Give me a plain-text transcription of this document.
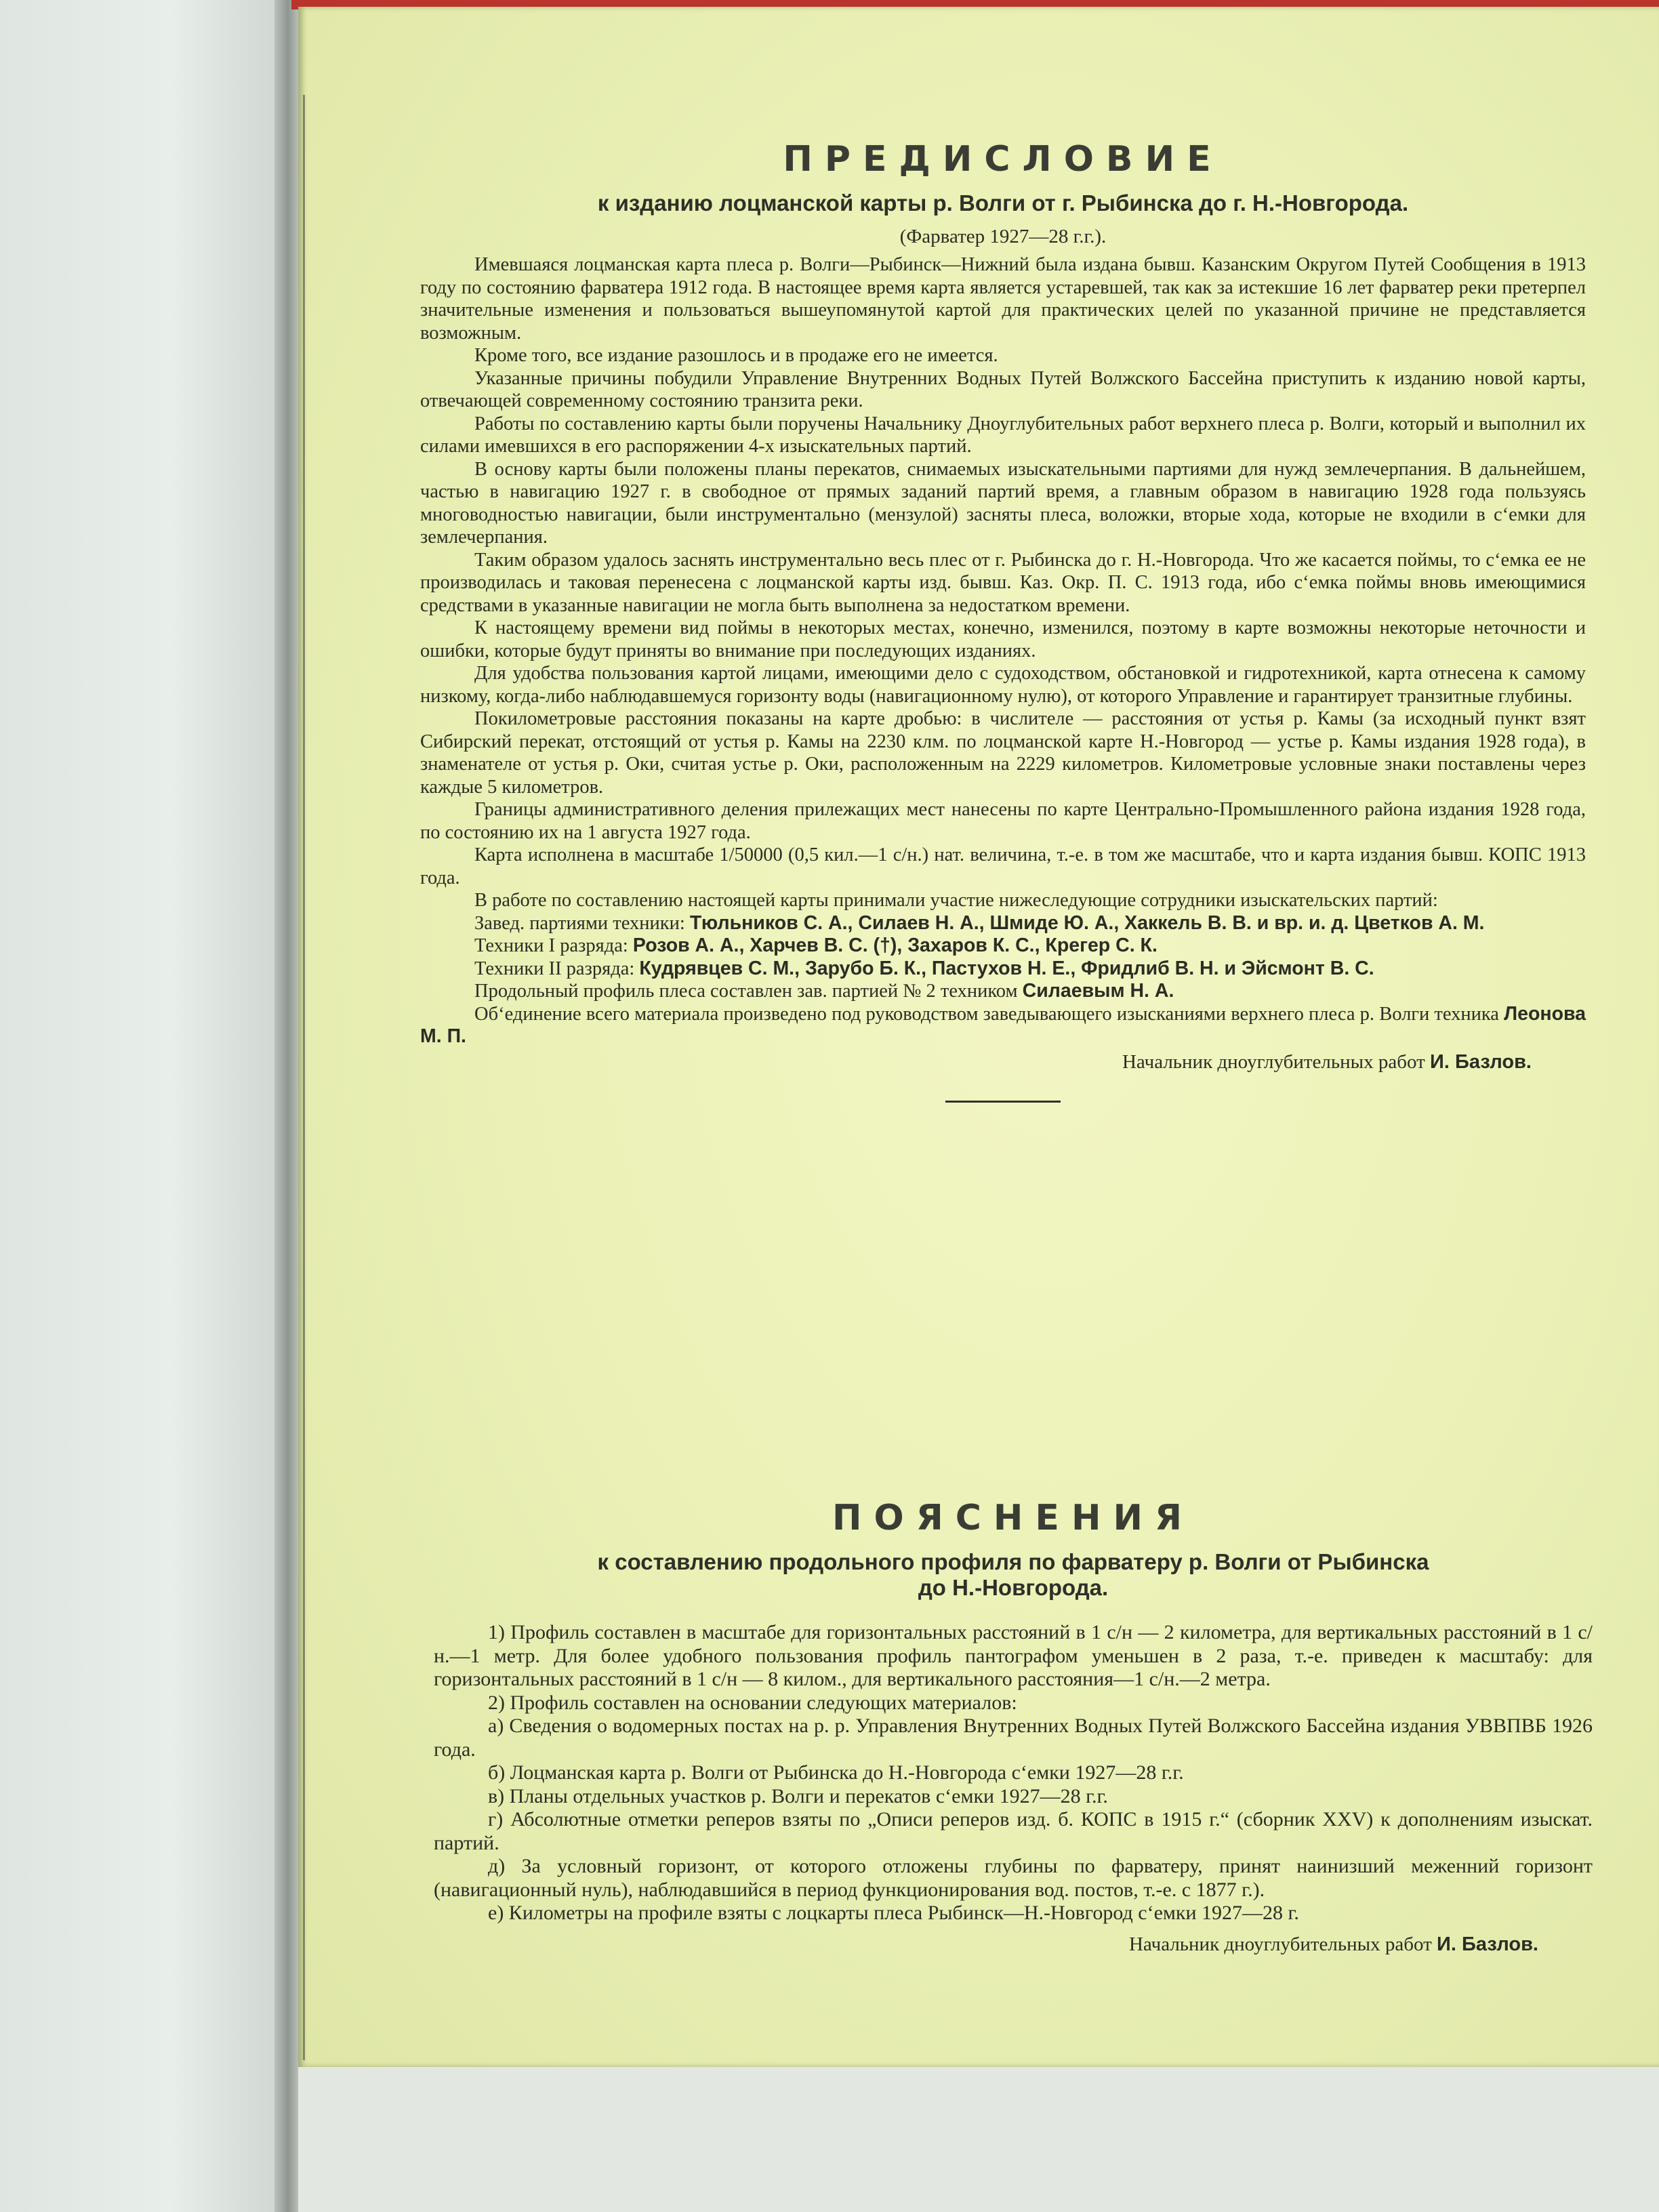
ПРЕДИСЛОВИЕ
к изданию лоцманской карты р. Волги от г. Рыбинска до г. Н.-Новгорода.
(Фарватер 1927—28 г.г.).

Имевшаяся лоцманская карта плеса р. Волги—Рыбинск—Нижний была издана бывш. Казанским Округом Путей Сообщения в 1913 году по состоянию фарватера 1912 года. В настоящее время карта является устаревшей, так как за истекшие 16 лет фарватер реки претерпел значительные изменения и пользоваться вышеупомянутой картой для практических целей по указанной причине не представляется возможным.

Кроме того, все издание разошлось и в продаже его не имеется.

Указанные причины побудили Управление Внутренних Водных Путей Волжского Бассейна приступить к изданию новой карты, отвечающей современному состоянию транзита реки.

Работы по составлению карты были поручены Начальнику Дноуглубительных работ верхнего плеса р. Волги, который и выполнил их силами имевшихся в его распоряжении 4-х изыскательных партий.

В основу карты были положены планы перекатов, снимаемых изыскательными партиями для нужд землечерпания. В дальнейшем, частью в навигацию 1927 г. в свободное от прямых заданий партий время, а главным образом в навигацию 1928 года пользуясь многоводностью навигации, были инструментально (мензулой) засняты плеса, воложки, вторые хода, которые не входили в сʻемки для землечерпания.

Таким образом удалось заснять инструментально весь плес от г. Рыбинска до г. Н.-Новгорода. Что же касается поймы, то сʻемка ее не производилась и таковая перенесена с лоцманской карты изд. бывш. Каз. Окр. П. С. 1913 года, ибо сʻемка поймы вновь имеющимися средствами в указанные навигации не могла быть выполнена за недостатком времени.

К настоящему времени вид поймы в некоторых местах, конечно, изменился, поэтому в карте возможны некоторые неточности и ошибки, которые будут приняты во внимание при последующих изданиях.

Для удобства пользования картой лицами, имеющими дело с судоходством, обстановкой и гидротехникой, карта отнесена к самому низкому, когда-либо наблюдавшемуся горизонту воды (навигационному нулю), от которого Управление и гарантирует транзитные глубины.

Покилометровые расстояния показаны на карте дробью: в числителе — расстояния от устья р. Камы (за исходный пункт взят Сибирский перекат, отстоящий от устья р. Камы на 2230 клм. по лоцманской карте Н.-Новгород — устье р. Камы издания 1928 года), в знаменателе от устья р. Оки, считая устье р. Оки, расположенным на 2229 километров. Километровые условные знаки поставлены через каждые 5 километров.

Границы административного деления прилежащих мест нанесены по карте Центрально-Промышленного района издания 1928 года, по состоянию их на 1 августа 1927 года.

Карта исполнена в масштабе 1/50000 (0,5 кил.—1 с/н.) нат. величина, т.-е. в том же масштабе, что и карта издания бывш. КОПС 1913 года.

В работе по составлению настоящей карты принимали участие нижеследующие сотрудники изыскательских партий:

Завед. партиями техники: Тюльников С. А., Силаев Н. А., Шмиде Ю. А., Хаккель В. В. и вр. и. д. Цветков А. М.

Техники I разряда: Розов А. А., Харчев В. С. (†), Захаров К. С., Крегер С. К.

Техники II разряда: Кудрявцев С. М., Зарубо Б. К., Пастухов Н. Е., Фридлиб В. Н. и Эйсмонт В. С.

Продольный профиль плеса составлен зав. партией № 2 техником Силаевым Н. А.

Обʻединение всего материала произведено под руководством заведывающего изысканиями верхнего плеса р. Волги техника Леонова М. П.

Начальник дноуглубительных работ И. Базлов.
ПОЯСНЕНИЯ
к составлению продольного профиля по фарватеру р. Волги от Рыбинска до Н.-Новгорода.

1) Профиль составлен в масштабе для горизонтальных расстояний в 1 с/н — 2 километра, для вертикальных расстояний в 1 с/н.—1 метр. Для более удобного пользования профиль пантографом уменьшен в 2 раза, т.-е. приведен к масштабу: для горизонтальных расстояний в 1 с/н — 8 килом., для вертикального расстояния—1 с/н.—2 метра.

2) Профиль составлен на основании следующих материалов:

а) Сведения о водомерных постах на р. р. Управления Внутренних Водных Путей Волжского Бассейна издания УВВПВБ 1926 года.

б) Лоцманская карта р. Волги от Рыбинска до Н.-Новгорода сʻемки 1927—28 г.г.

в) Планы отдельных участков р. Волги и перекатов сʻемки 1927—28 г.г.

г) Абсолютные отметки реперов взяты по „Описи реперов изд. б. КОПС в 1915 г.“ (сборник XXV) к дополнениям изыскат. партий.

д) За условный горизонт, от которого отложены глубины по фарватеру, принят наинизший меженний горизонт (навигационный нуль), наблюдавшийся в период функционирования вод. постов, т.-е. с 1877 г.).

е) Километры на профиле взяты с лоцкарты плеса Рыбинск—Н.-Новгород сʻемки 1927—28 г.

Начальник дноуглубительных работ И. Базлов.
